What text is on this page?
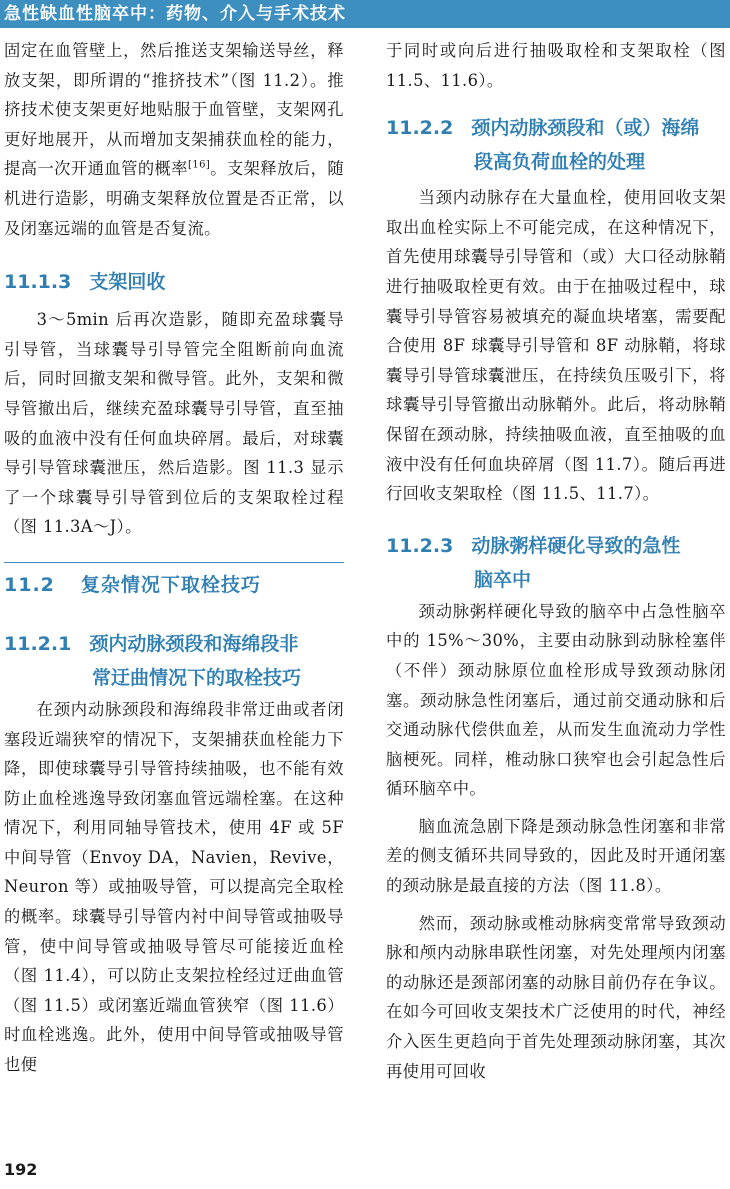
急性缺血性脑卒中：药物、介入与手术技术

固定在血管壁上，然后推送支架输送导丝，释放支架，即所谓的“推挤技术”（图 11.2）。推挤技术使支架更好地贴服于血管壁，支架网孔更好地展开，从而增加支架捕获血栓的能力，提高一次开通血管的概率[16]。支架释放后，随机进行造影，明确支架释放位置是否正常，以及闭塞远端的血管是否复流。

11.1.3 支架回收

3～5min 后再次造影，随即充盈球囊导引导管，当球囊导引导管完全阻断前向血流后，同时回撤支架和微导管。此外，支架和微导管撤出后，继续充盈球囊导引导管，直至抽吸的血液中没有任何血块碎屑。最后，对球囊导引导管球囊泄压，然后造影。图 11.3 显示了一个球囊导引导管到位后的支架取栓过程（图 11.3A～J）。

11.2 复杂情况下取栓技巧
11.2.1 颈内动脉颈段和海绵段非
常迂曲情况下的取栓技巧

在颈内动脉颈段和海绵段非常迂曲或者闭塞段近端狭窄的情况下，支架捕获血栓能力下降，即使球囊导引导管持续抽吸，也不能有效防止血栓逃逸导致闭塞血管远端栓塞。在这种情况下，利用同轴导管技术，使用 4F 或 5F 中间导管（Envoy DA，Navien，Revive，Neuron 等）或抽吸导管，可以提高完全取栓的概率。球囊导引导管内衬中间导管或抽吸导管，使中间导管或抽吸导管尽可能接近血栓（图 11.4），可以防止支架拉栓经过迂曲血管（图 11.5）或闭塞近端血管狭窄（图 11.6）时血栓逃逸。此外，使用中间导管或抽吸导管也便

于同时或向后进行抽吸取栓和支架取栓（图 11.5、11.6）。

11.2.2 颈内动脉颈段和（或）海绵
段高负荷血栓的处理

当颈内动脉存在大量血栓，使用回收支架取出血栓实际上不可能完成，在这种情况下，首先使用球囊导引导管和（或）大口径动脉鞘进行抽吸取栓更有效。由于在抽吸过程中，球囊导引导管容易被填充的凝血块堵塞，需要配合使用 8F 球囊导引导管和 8F 动脉鞘，将球囊导引导管球囊泄压，在持续负压吸引下，将球囊导引导管撤出动脉鞘外。此后，将动脉鞘保留在颈动脉，持续抽吸血液，直至抽吸的血液中没有任何血块碎屑（图 11.7）。随后再进行回收支架取栓（图 11.5、11.7）。

11.2.3 动脉粥样硬化导致的急性
脑卒中

颈动脉粥样硬化导致的脑卒中占急性脑卒中的 15%～30%，主要由动脉到动脉栓塞伴（不伴）颈动脉原位血栓形成导致颈动脉闭塞。颈动脉急性闭塞后，通过前交通动脉和后交通动脉代偿供血差，从而发生血流动力学性脑梗死。同样，椎动脉口狭窄也会引起急性后循环脑卒中。

脑血流急剧下降是颈动脉急性闭塞和非常差的侧支循环共同导致的，因此及时开通闭塞的颈动脉是最直接的方法（图 11.8）。

然而，颈动脉或椎动脉病变常常导致颈动脉和颅内动脉串联性闭塞，对先处理颅内闭塞的动脉还是颈部闭塞的动脉目前仍存在争议。在如今可回收支架技术广泛使用的时代，神经介入医生更趋向于首先处理颈动脉闭塞，其次再使用可回收

192
